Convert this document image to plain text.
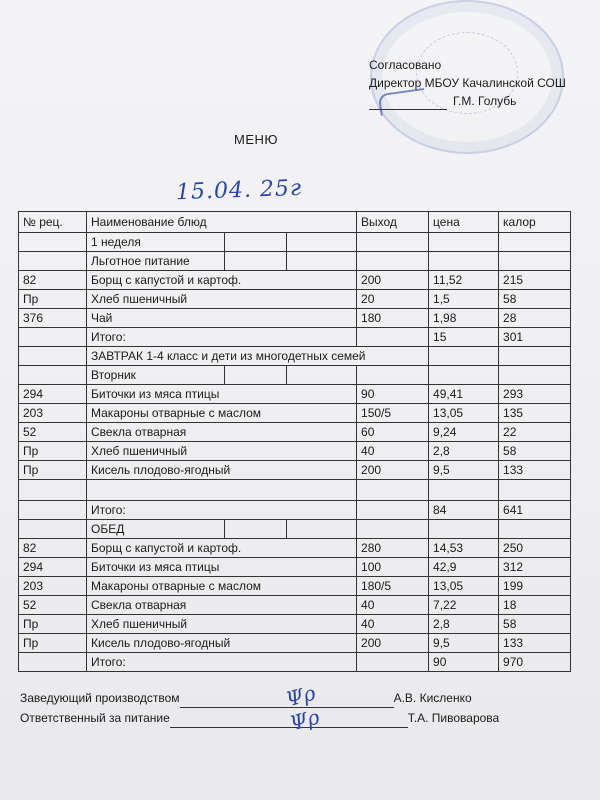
Согласовано
Директор МБОУ Качалинской СОШ
Г.М. Голубь
МЕНЮ
15.04. 25г
№ рец.	Наименование блюд			Выход	цена	калор
	1 неделя					
	Льготное питание					
82	Борщ с капустой и картоф.			200	11,52	215
Пр	Хлеб пшеничный			20	1,5	58
376	Чай			180	1,98	28
	Итого:				15	301
	ЗАВТРАК 1-4 класс и дети из многодетных семей					
	Вторник					
294	Биточки из мяса птицы			90	49,41	293
203	Макароны отварные с маслом			150/5	13,05	135
52	Свекла отварная			60	9,24	22
Пр	Хлеб пшеничный			40	2,8	58
Пр	Кисель плодово-ягодный			200	9,5	133

	Итого:				84	641
	ОБЕД					
82	Борщ с капустой и картоф.			280	14,53	250
294	Биточки из мяса птицы			100	42,9	312
203	Макароны отварные с маслом			180/5	13,05	199
52	Свекла отварная			40	7,22	18
Пр	Хлеб пшеничный			40	2,8	58
Пр	Кисель плодово-ягодный			200	9,5	133
	Итого:				90	970
Заведующий производством	А.В. Кисленко
Ответственный за питание	Т.А. Пивоварова
Ψρ
Ψρ
